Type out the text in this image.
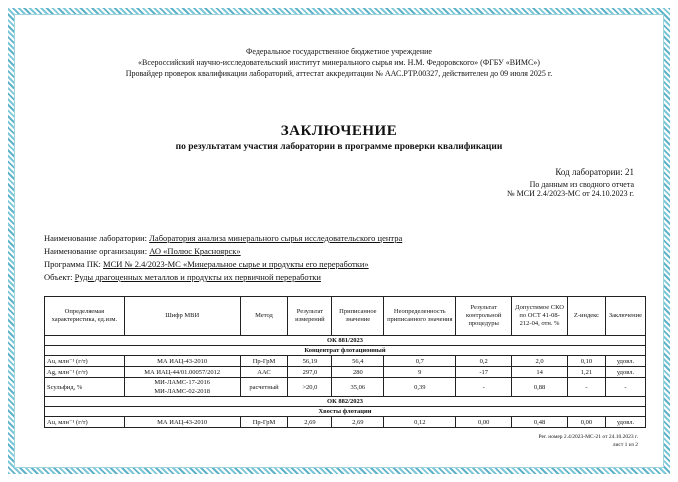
Федеральное государственное бюджетное учреждение
«Всероссийский научно-исследовательский институт минерального сырья им. Н.М. Федоровского» (ФГБУ «ВИМС»)
Провайдер проверок квалификации лабораторий, аттестат аккредитации № ААС.РТР.00327, действителен до 09 июля 2025 г.
ЗАКЛЮЧЕНИЕ
по результатам участия лаборатории в программе проверки квалификации
Код лаборатории: 21
По данным из сводного отчета
№ МСИ 2.4/2023-МС от 24.10.2023 г.
Наименование лаборатории: Лаборатория анализа минерального сырья исследовательского центра
Наименование организации: АО «Полюс Красноярск»
Программа ПК: МСИ № 2.4/2023-МС «Минеральное сырье и продукты его переработки»
Объект: Руды драгоценных металлов и продукты их первичной переработки
Определяемая характеристика, ед.изм.	Шифр МВИ	Метод	Результат измерений	Приписанное значение	Неопределенность приписанного значения	Результат контрольной процедуры	Допустимое СКО по ОСТ 41-08-212-04, отн. %	Z-индекс	Заключение
ОК 881/2023									
Концентрат флотационный									
Au, млн⁻¹ (г/т)	МА ИАЦ-43-2010	Пр-ГрМ	56,19	56,4	0,7	0,2	2,0	0,10	удовл.
Ag, млн⁻¹ (г/т)	МА ИАЦ-44/01.00057/2012	ААС	297,0	280	9	-17	14	1,21	удовл.
Sсульфид, %	МИ-ЛАМС-17-2016
МИ-ЛАМС-02-2018	расчетный	>20,0	35,06	0,39	-	0,88	-	-
ОК 882/2023									
Хвосты флотации									
Au, млн⁻¹ (г/т)	МА ИАЦ-43-2010	Пр-ГрМ	2,69	2,69	0,12	0,00	0,48	0,00	удовл.
Рег. номер 2.4/2023-МС-21 от 24.10.2023 г.
лист 1 из 2
